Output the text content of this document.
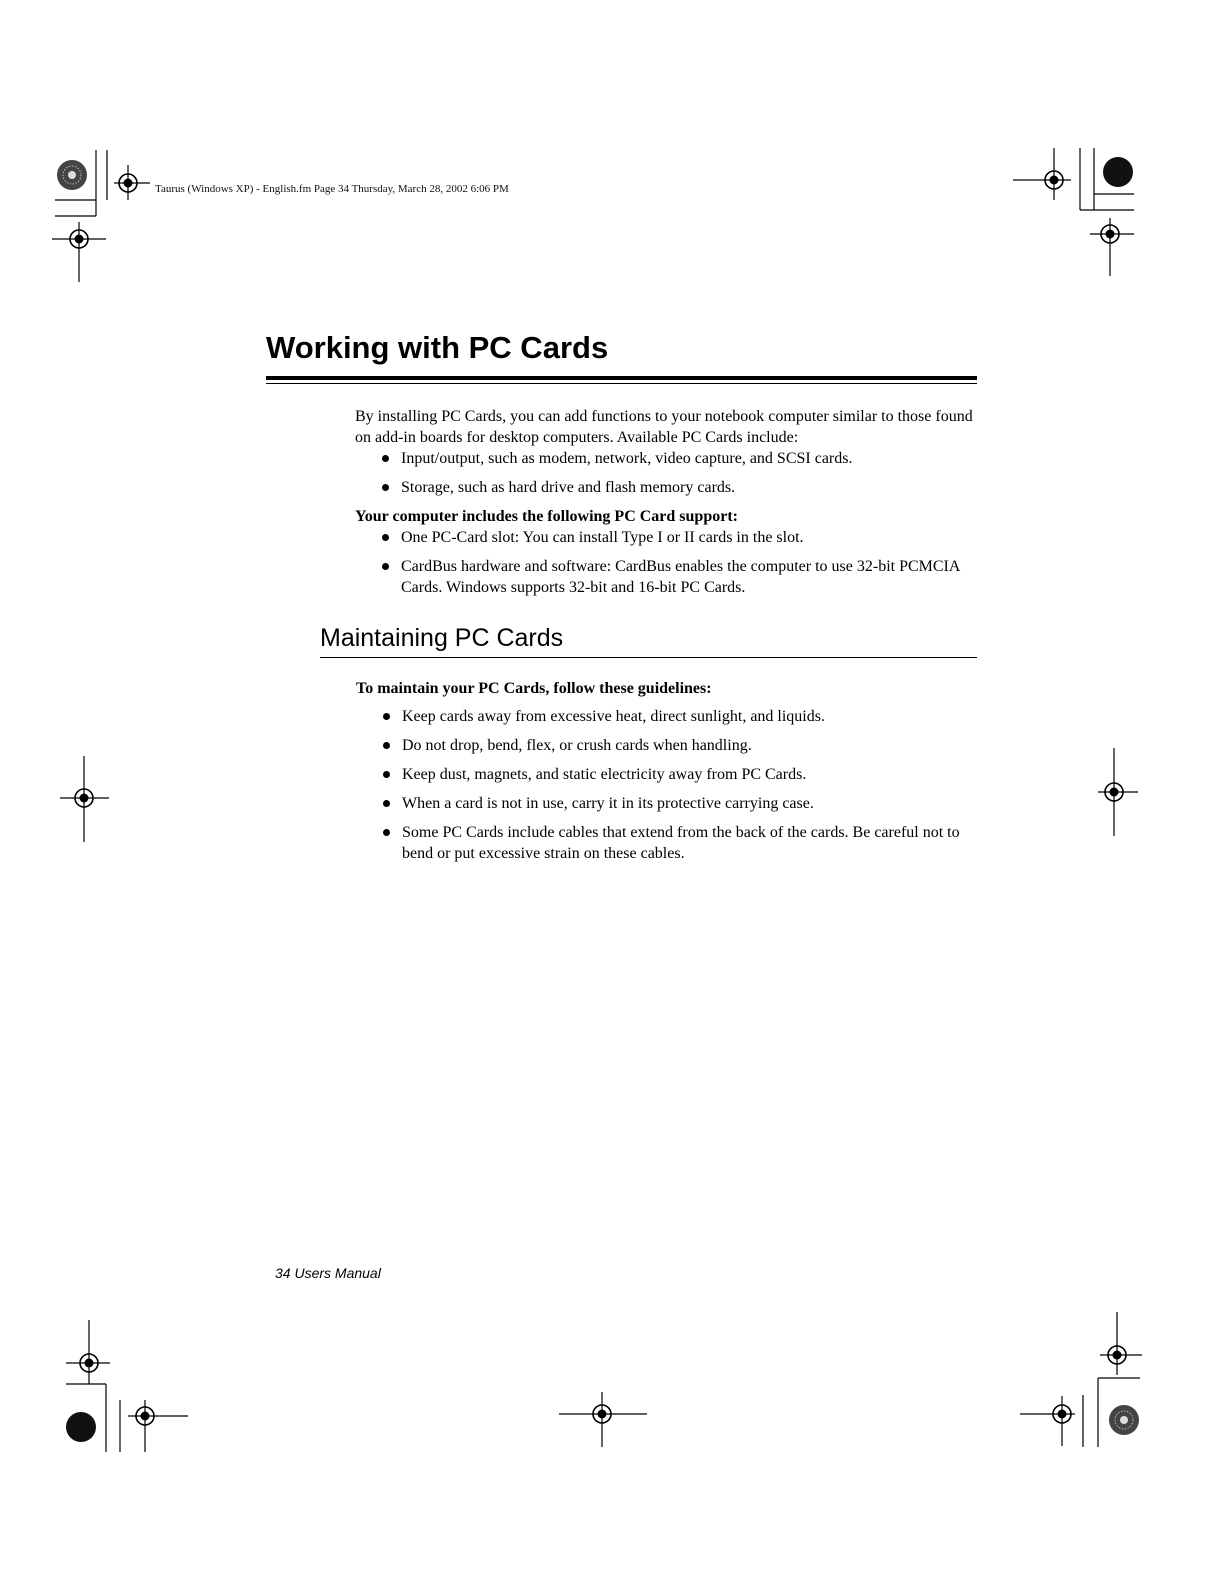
Taurus (Windows XP) - English.fm Page 34 Thursday, March 28, 2002 6:06 PM
Working with PC Cards

By installing PC Cards, you can add functions to your notebook computer similar to those found on add-in boards for desktop computers. Available PC Cards include:

Input/output, such as modem, network, video capture, and SCSI cards.
Storage, such as hard drive and flash memory cards.

Your computer includes the following PC Card support:

One PC-Card slot: You can install Type I or II cards in the slot.
CardBus hardware and software: CardBus enables the computer to use 32-bit PCMCIA Cards. Windows supports 32-bit and 16-bit PC Cards.
Maintaining PC Cards

To maintain your PC Cards, follow these guidelines:

Keep cards away from excessive heat, direct sunlight, and liquids.
Do not drop, bend, flex, or crush cards when handling.
Keep dust, magnets, and static electricity away from PC Cards.
When a card is not in use, carry it in its protective carrying case.
Some PC Cards include cables that extend from the back of the cards. Be careful not to bend or put excessive strain on these cables.
34 Users Manual
